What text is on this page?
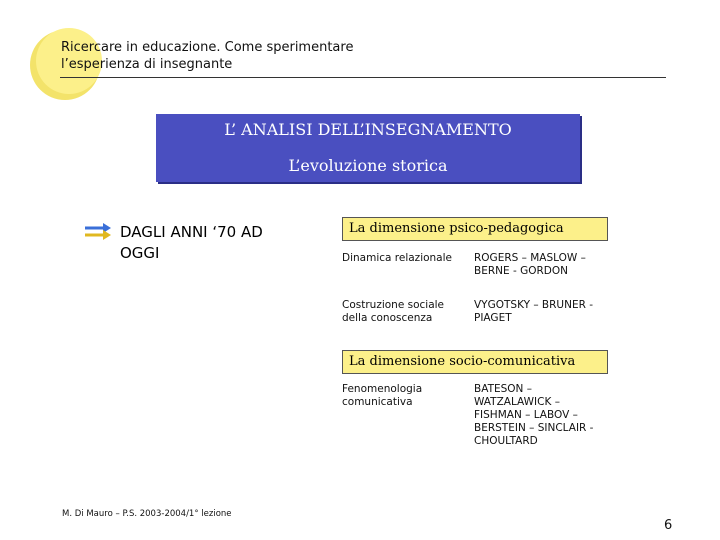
Ricercare in educazione. Come sperimentare
l’esperienza di insegnante
L’ ANALISI DELL’INSEGNAMENTO
L’evoluzione storica
DAGLI ANNI ‘70 AD
OGGI
La dimensione psico-pedagogica
Dinamica relazionale ROGERS – MASLOW –
BERNE - GORDON
Costruzione sociale
della conoscenza
VYGOTSKY – BRUNER -
PIAGET
La dimensione socio-comunicativa
Fenomenologia
comunicativa
BATESON –
WATZALAWICK –
FISHMAN – LABOV –
BERSTEIN – SINCLAIR -
CHOULTARD
M. Di Mauro – P.S. 2003-2004/1° lezione
6
